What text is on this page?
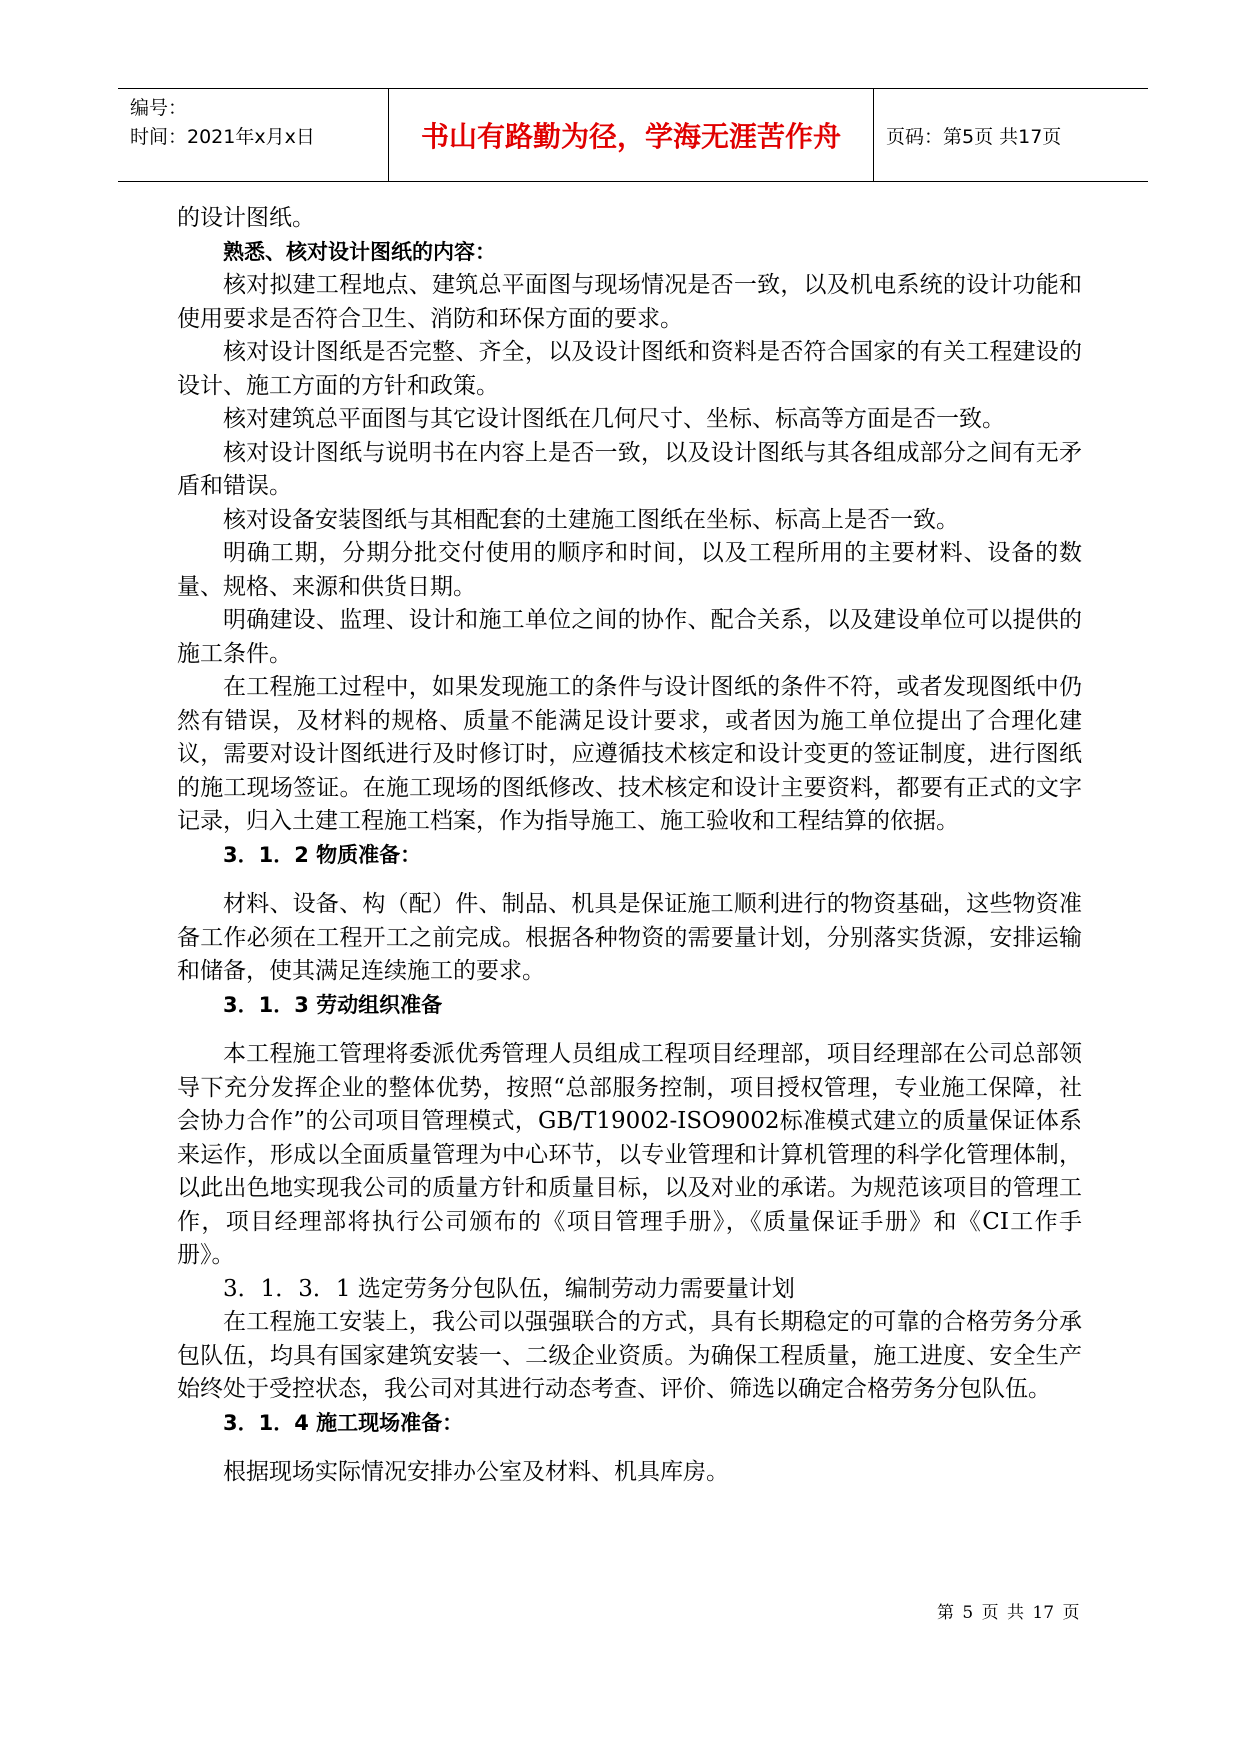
编号：
时间：2021年x月x日	书山有路勤为径，学海无涯苦作舟	页码：第5页 共17页

的设计图纸。

熟悉、核对设计图纸的内容：

核对拟建工程地点、建筑总平面图与现场情况是否一致，以及机电系统的设计功能和使用要求是否符合卫生、消防和环保方面的要求。

核对设计图纸是否完整、齐全，以及设计图纸和资料是否符合国家的有关工程建设的设计、施工方面的方针和政策。

核对建筑总平面图与其它设计图纸在几何尺寸、坐标、标高等方面是否一致。

核对设计图纸与说明书在内容上是否一致，以及设计图纸与其各组成部分之间有无矛盾和错误。

核对设备安装图纸与其相配套的土建施工图纸在坐标、标高上是否一致。

明确工期，分期分批交付使用的顺序和时间，以及工程所用的主要材料、设备的数量、规格、来源和供货日期。

明确建设、监理、设计和施工单位之间的协作、配合关系，以及建设单位可以提供的施工条件。

在工程施工过程中，如果发现施工的条件与设计图纸的条件不符，或者发现图纸中仍然有错误，及材料的规格、质量不能满足设计要求，或者因为施工单位提出了合理化建议，需要对设计图纸进行及时修订时，应遵循技术核定和设计变更的签证制度，进行图纸的施工现场签证。在施工现场的图纸修改、技术核定和设计主要资料，都要有正式的文字记录，归入土建工程施工档案，作为指导施工、施工验收和工程结算的依据。

3．1．2 物质准备：

材料、设备、构（配）件、制品、机具是保证施工顺利进行的物资基础，这些物资准备工作必须在工程开工之前完成。根据各种物资的需要量计划，分别落实货源，安排运输和储备，使其满足连续施工的要求。

3．1．3 劳动组织准备

本工程施工管理将委派优秀管理人员组成工程项目经理部，项目经理部在公司总部领导下充分发挥企业的整体优势，按照“总部服务控制，项目授权管理，专业施工保障，社会协力合作”的公司项目管理模式，GB/T19002-ISO9002标准模式建立的质量保证体系来运作，形成以全面质量管理为中心环节，以专业管理和计算机管理的科学化管理体制，以此出色地实现我公司的质量方针和质量目标，以及对业的承诺。为规范该项目的管理工作，项目经理部将执行公司颁布的《项目管理手册》，《质量保证手册》和《CI工作手册》。

3．1．3．1 选定劳务分包队伍，编制劳动力需要量计划

在工程施工安装上，我公司以强强联合的方式，具有长期稳定的可靠的合格劳务分承包队伍，均具有国家建筑安装一、二级企业资质。为确保工程质量，施工进度、安全生产始终处于受控状态，我公司对其进行动态考查、评价、筛选以确定合格劳务分包队伍。

3．1．4 施工现场准备：

根据现场实际情况安排办公室及材料、机具库房。

第 5 页 共 17 页
